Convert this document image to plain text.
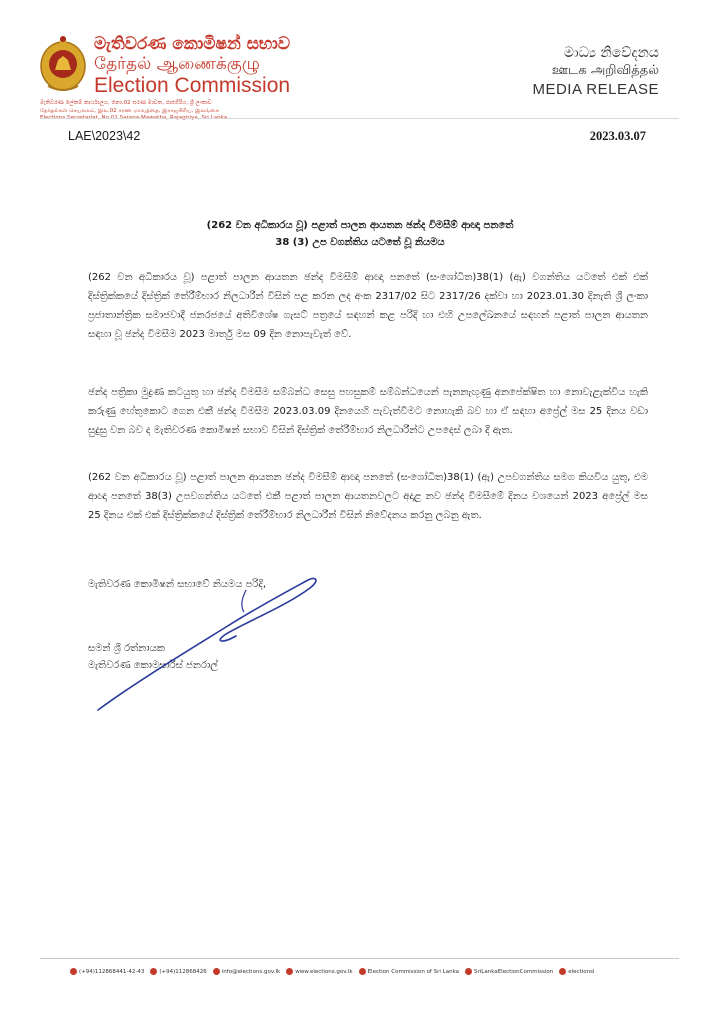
මැතිවරණ කොමිෂන් සභාව
தேர்தல் ஆணைக்குழு
Election Commission
මැතිවරණ ලේකම් කාර්යාලය, නො.02 සරණ මාවත, රාජගිරිය, ශ්‍රී ලංකාව
தேர்தல்கள் செயலகம், இல.02 சரண மாவத்தை, இராஜகிரிய, இலங்கை
Elections Secretariat, No.02 Sarana Mawatha, Rajagiriya, Sri Lanka
මාධ්‍ය නිවේදනය
ஊடக அறிவித்தல்
MEDIA RELEASE
LAE\2023\42	2023.03.07
(262 වන අධිකාරය වූ) පළාත් පාලන ආයතන ඡන්ද විමසීම් ආඥා පනතේ
38 (3) උප වගන්තිය යටතේ වූ නියමය
(262 වන අධිකාරය වූ) පළාත් පාලන ආයතන ඡන්ද විමසීම් ආඥා පනතේ (සංශෝධිත)38(1) (ඇ) වගන්තිය යටතේ එක් එක් දිස්ත්‍රික්කයේ දිස්ත්‍රික් තේරීම්භාර නිලධාරීන් විසින් පළ කරන ලද අංක 2317/02 සිට 2317/26 දක්වා හා 2023.01.30 දිනැති ශ්‍රී ලංකා ප්‍රජාතාන්ත්‍රික සමාජවාදී ජනරජයේ අතිවිශේෂ ගැසට් පත්‍රයේ සඳහන් කළ පරිදි හා එහි උපලේඛනයේ සඳහන් පළාත් පාලන ආයතන සඳහා වූ ඡන්ද විමසීම 2023 මාර්තු මස 09 දින නොපැවැත් වේ.
ඡන්ද පත්‍රිකා මුද්‍රණ කටයුතු හා ඡන්ද විමසීම සම්බන්ධ සෙසු පහසුකම් සම්බන්ධයෙන් පැනනැඟුණු අනපේක්ෂිත හා නොවැළැක්විය හැකි කරුණු හේතුකොට ගෙන එකී ඡන්ද විමසීම 2023.03.09 දිනයෙහි පැවැත්වීමට නොහැකි බව හා ඒ සඳහා අප්‍රේල් මස 25 දිනය වඩා සුදුසු වන බව ද මැතිවරණ කොමිෂන් සභාව විසින් දිස්ත්‍රික් තේරීම්භාර නිලධාරීන්ට උපදෙස් ලබා දී ඇත.
(262 වන අධිකාරය වූ) පළාත් පාලන ආයතන ඡන්ද විමසීම් ආඥා පනතේ (සංශෝධිත)38(1) (ඇ) උපවගන්තිය සමග කියවිය යුතු, එම ආඥා පනතේ 38(3) උපවගන්තිය යටතේ එකී පළාත් පාලන ආයතනවලට අදාළ නව ඡන්ද විමසීමේ දිනය වශයෙන් 2023 අප්‍රේල් මස 25 දිනය එක් එක් දිස්ත්‍රික්කයේ දිස්ත්‍රික් තේරීම්භාර නිලධාරීන් විසින් නිවේදනය කරනු ලබනු ඇත.
මැතිවරණ කොමිෂන් සභාවේ නියමය පරිදි,
සමන් ශ්‍රී රත්නායක
මැතිවරණ කොමසාරිස් ජනරාල්
(+94)112868441-42-43	(+94)112868426	info@elections.gov.lk	www.elections.gov.lk	Election Commission of Sri Lanka	SriLankaElectionCommission	electionsl
